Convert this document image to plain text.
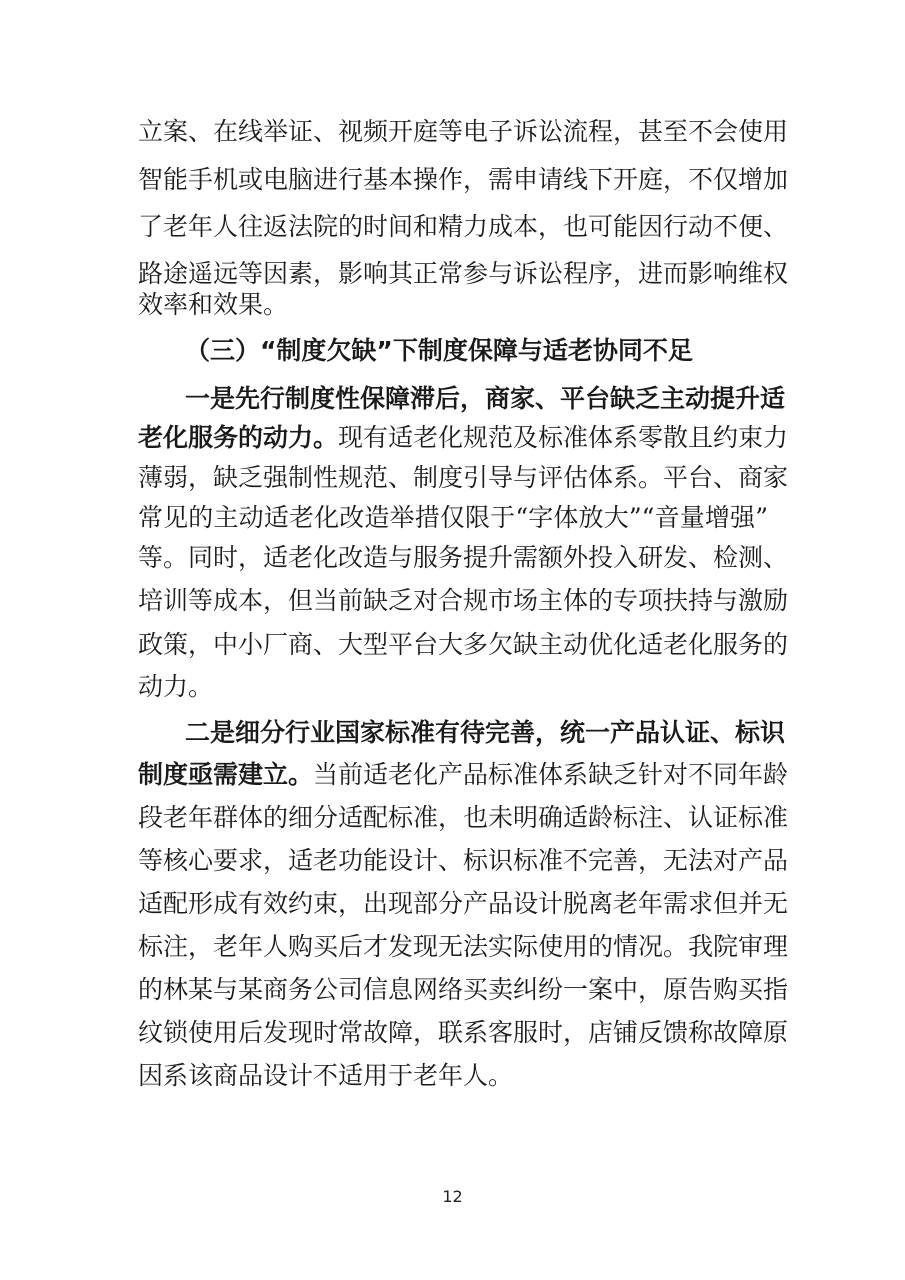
立案、在线举证、视频开庭等电子诉讼流程，甚至不会使用
智能手机或电脑进行基本操作，需申请线下开庭，不仅增加
了老年人往返法院的时间和精力成本，也可能因行动不便、
路途遥远等因素，影响其正常参与诉讼程序，进而影响维权
效率和效果。
（三）“制度欠缺”下制度保障与适老协同不足
一是先行制度性保障滞后，商家、平台缺乏主动提升适
老化服务的动力。现有适老化规范及标准体系零散且约束力
薄弱，缺乏强制性规范、制度引导与评估体系。平台、商家
常见的主动适老化改造举措仅限于“字体放大”“音量增强”
等。同时，适老化改造与服务提升需额外投入研发、检测、
培训等成本，但当前缺乏对合规市场主体的专项扶持与激励
政策，中小厂商、大型平台大多欠缺主动优化适老化服务的
动力。
二是细分行业国家标准有待完善，统一产品认证、标识
制度亟需建立。当前适老化产品标准体系缺乏针对不同年龄
段老年群体的细分适配标准，也未明确适龄标注、认证标准
等核心要求，适老功能设计、标识标准不完善，无法对产品
适配形成有效约束，出现部分产品设计脱离老年需求但并无
标注，老年人购买后才发现无法实际使用的情况。我院审理
的林某与某商务公司信息网络买卖纠纷一案中，原告购买指
纹锁使用后发现时常故障，联系客服时，店铺反馈称故障原
因系该商品设计不适用于老年人。
12
